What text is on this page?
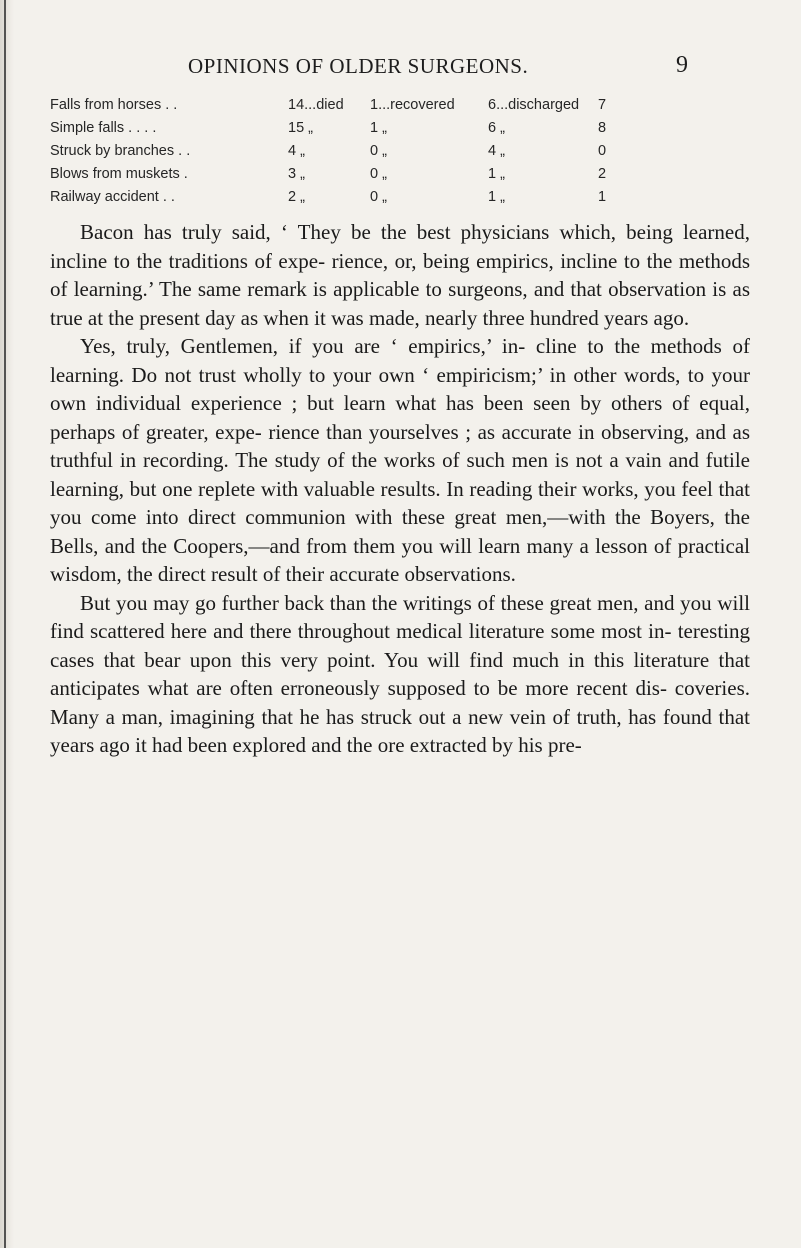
OPINIONS OF OLDER SURGEONS.	9
Falls from horses . .	14...died 1...recovered 6...discharged 7
Simple falls . . . .	15 „	1 „	6 „	8
Struck by branches . .	4 „	0 „	4 „	0
Blows from muskets .	3 „	0 „	1 „	2
Railway accident . .	2 „	0 „	1 „	1

Bacon has truly said, ‘ They be the best physicians which, being learned, incline to the traditions of expe- rience, or, being empirics, incline to the methods of learning.’ The same remark is applicable to surgeons, and that observation is as true at the present day as when it was made, nearly three hundred years ago.

Yes, truly, Gentlemen, if you are ‘ empirics,’ in- cline to the methods of learning. Do not trust wholly to your own ‘ empiricism;’ in other words, to your own individual experience ; but learn what has been seen by others of equal, perhaps of greater, expe- rience than yourselves ; as accurate in observing, and as truthful in recording. The study of the works of such men is not a vain and futile learning, but one replete with valuable results. In reading their works, you feel that you come into direct communion with these great men,—with the Boyers, the Bells, and the Coopers,—and from them you will learn many a lesson of practical wisdom, the direct result of their accurate observations.

But you may go further back than the writings of these great men, and you will find scattered here and there throughout medical literature some most in- teresting cases that bear upon this very point. You will find much in this literature that anticipates what are often erroneously supposed to be more recent dis- coveries. Many a man, imagining that he has struck out a new vein of truth, has found that years ago it had been explored and the ore extracted by his pre-
